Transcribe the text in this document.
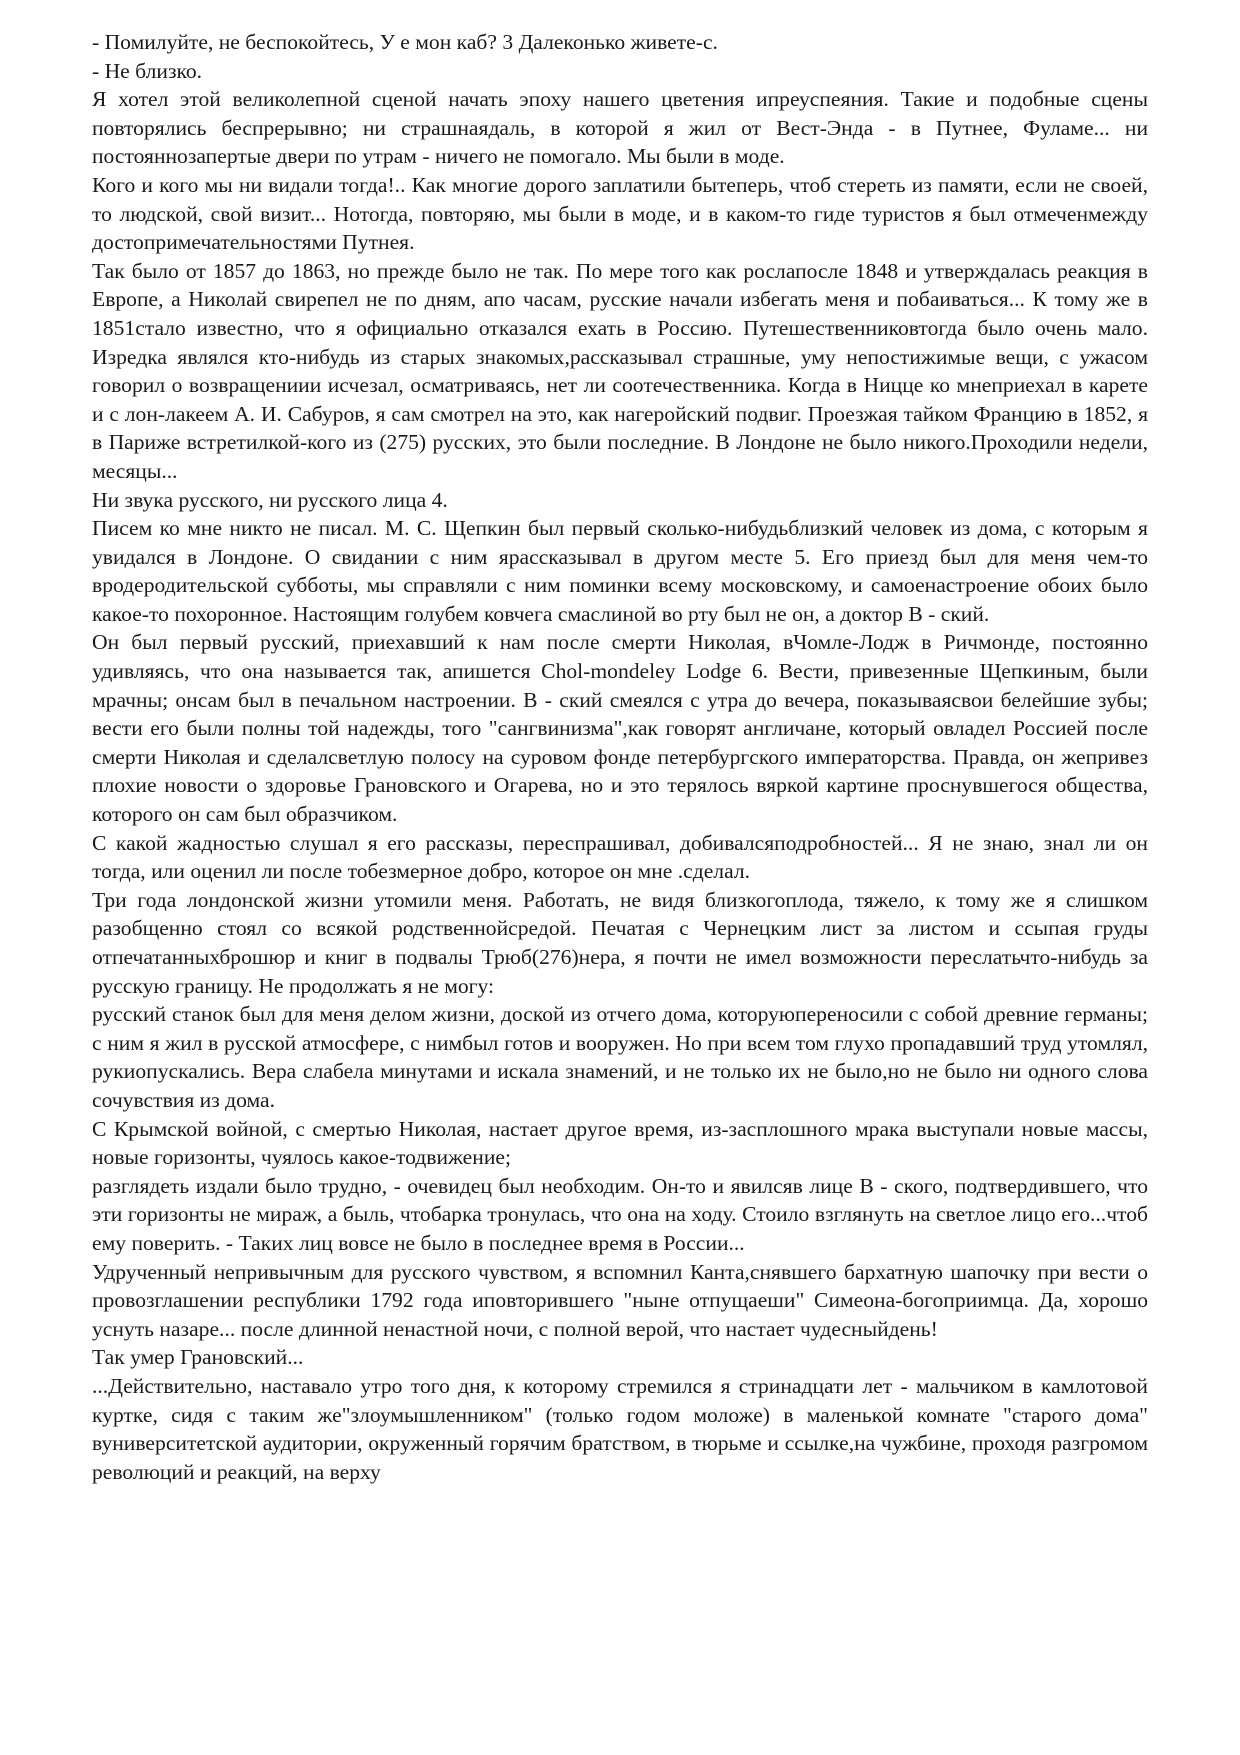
- Помилуйте, не беспокойтесь, У е мон каб? 3 Далеконько живете-с.

- Не близко.

Я хотел этой великолепной сценой начать эпоху нашего цветения ипреуспеяния. Такие и подобные сцены повторялись беспрерывно; ни страшнаядаль, в которой я жил от Вест-Энда - в Путнее, Фуламе... ни постояннозапертые двери по утрам - ничего не помогало. Мы были в моде.

Кого и кого мы ни видали тогда!.. Как многие дорого заплатили бытеперь, чтоб стереть из памяти, если не своей, то людской, свой визит... Нотогда, повторяю, мы были в моде, и в каком-то гиде туристов я был отмеченмежду достопримечательностями Путнея.

Так было от 1857 до 1863, но прежде было не так. По мере того как рослапосле 1848 и утверждалась реакция в Европе, а Николай свирепел не по дням, апо часам, русские начали избегать меня и побаиваться... К тому же в 1851стало известно, что я официально отказался ехать в Россию. Путешественниковтогда было очень мало. Изредка являлся кто-нибудь из старых знакомых,рассказывал страшные, уму непостижимые вещи, с ужасом говорил о возвращениии исчезал, осматриваясь, нет ли соотечественника. Когда в Ницце ко мнеприехал в карете и с лон-лакеем А. И. Сабуров, я сам смотрел на это, как нагеройский подвиг. Проезжая тайком Францию в 1852, я в Париже встретилкой-кого из (275) русских, это были последние. В Лондоне не было никого.Проходили недели, месяцы...

Ни звука русского, ни русского лица 4.

Писем ко мне никто не писал. М. С. Щепкин был первый сколько-нибудьблизкий человек из дома, с которым я увидался в Лондоне. О свидании с ним ярассказывал в другом месте 5. Его приезд был для меня чем-то вродеродительской субботы, мы справляли с ним поминки всему московскому, и самоенастроение обоих было какое-то похоронное. Настоящим голубем ковчега смаслиной во рту был не он, а доктор В - ский.

Он был первый русский, приехавший к нам после смерти Николая, вЧомле-Лодж в Ричмонде, постоянно удивляясь, что она называется так, апишется Chol-mondeley Lodge 6. Вести, привезенные Щепкиным, были мрачны; онсам был в печальном настроении. В - ский смеялся с утра до вечера, показываясвои белейшие зубы; вести его были полны той надежды, того "сангвинизма",как говорят англичане, который овладел Россией после смерти Николая и сделалсветлую полосу на суровом фонде петербургского императорства. Правда, он жепривез плохие новости о здоровье Грановского и Огарева, но и это терялось вяркой картине проснувшегося общества, которого он сам был образчиком.

С какой жадностью слушал я его рассказы, переспрашивал, добивалсяподробностей... Я не знаю, знал ли он тогда, или оценил ли после тобезмерное добро, которое он мне .сделал.

Три года лондонской жизни утомили меня. Работать, не видя близкогоплода, тяжело, к тому же я слишком разобщенно стоял со всякой родственнойсредой. Печатая с Чернецким лист за листом и ссыпая груды отпечатанныхброшюр и книг в подвалы Трюб(276)нера, я почти не имел возможности переслатьчто-нибудь за русскую границу. Не продолжать я не могу:

русский станок был для меня делом жизни, доской из отчего дома, которуюпереносили с собой древние германы; с ним я жил в русской атмосфере, с нимбыл готов и вооружен. Но при всем том глухо пропадавший труд утомлял, рукиопускались. Вера слабела минутами и искала знамений, и не только их не было,но не было ни одного слова сочувствия из дома.

С Крымской войной, с смертью Николая, настает другое время, из-засплошного мрака выступали новые массы, новые горизонты, чуялось какое-тодвижение;

разглядеть издали было трудно, - очевидец был необходим. Он-то и явилсяв лице В - ского, подтвердившего, что эти горизонты не мираж, а быль, чтобарка тронулась, что она на ходу. Стоило взглянуть на светлое лицо его...чтоб ему поверить. - Таких лиц вовсе не было в последнее время в России...

Удрученный непривычным для русского чувством, я вспомнил Канта,снявшего бархатную шапочку при вести о провозглашении республики 1792 года иповторившего "ныне отпущаеши" Симеона-богоприимца. Да, хорошо уснуть назаре... после длинной ненастной ночи, с полной верой, что настает чудесныйдень!

Так умер Грановский...

...Действительно, наставало утро того дня, к которому стремился я стринадцати лет - мальчиком в камлотовой куртке, сидя с таким же"злоумышленником" (только годом моложе) в маленькой комнате "старого дома" вуниверситетской аудитории, окруженный горячим братством, в тюрьме и ссылке,на чужбине, проходя разгромом революций и реакций, на верху
